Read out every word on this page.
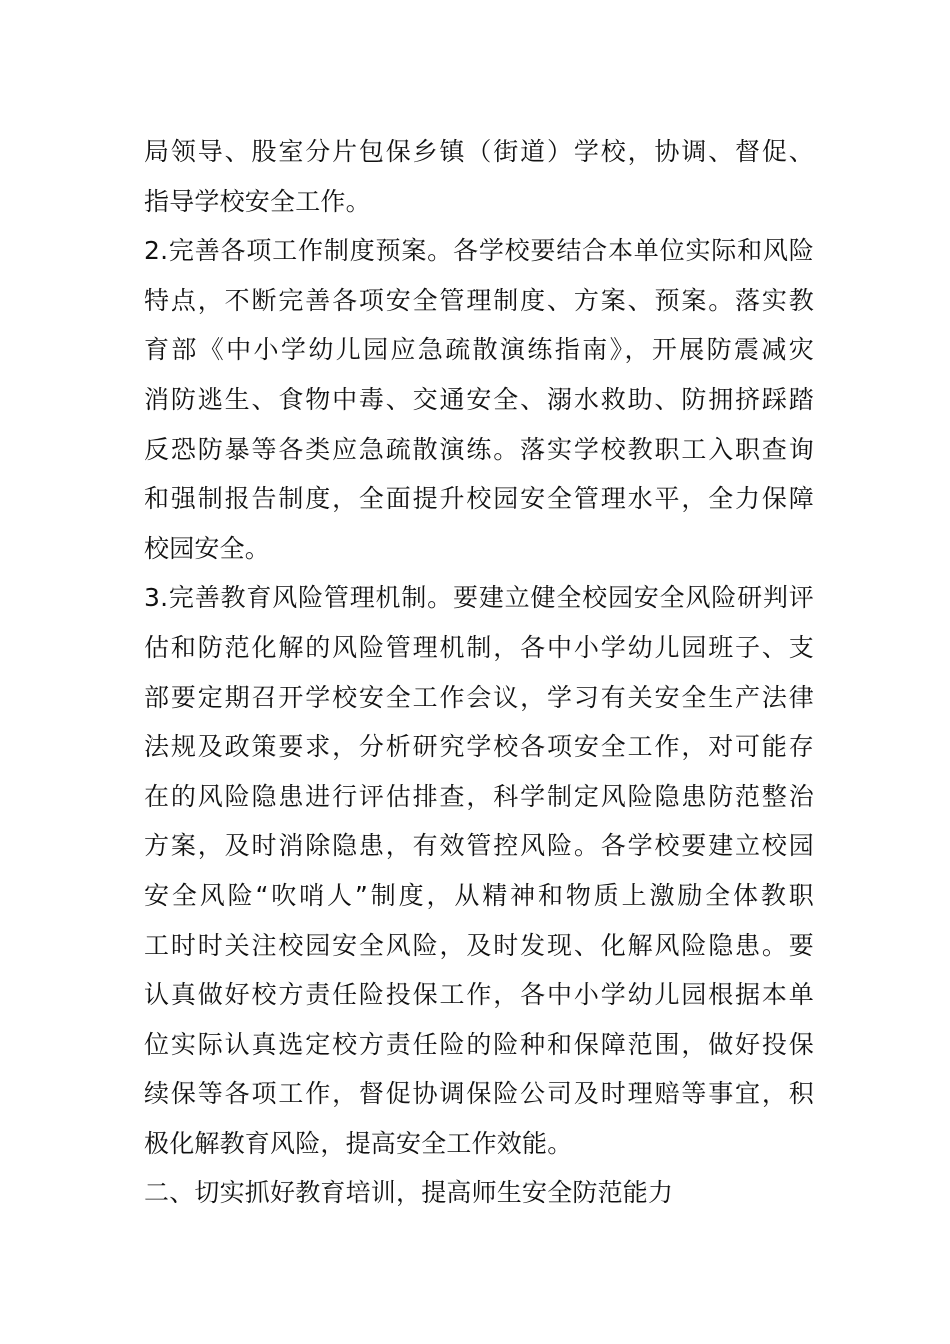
局领导、股室分片包保乡镇（街道）学校，协调、督促、
指导学校安全工作。
2.完善各项工作制度预案。各学校要结合本单位实际和风险
特点，不断完善各项安全管理制度、方案、预案。落实教
育部《中小学幼儿园应急疏散演练指南》，开展防震减灾
消防逃生、食物中毒、交通安全、溺水救助、防拥挤踩踏
反恐防暴等各类应急疏散演练。落实学校教职工入职查询
和强制报告制度，全面提升校园安全管理水平，全力保障
校园安全。
3.完善教育风险管理机制。要建立健全校园安全风险研判评
估和防范化解的风险管理机制，各中小学幼儿园班子、支
部要定期召开学校安全工作会议，学习有关安全生产法律
法规及政策要求，分析研究学校各项安全工作，对可能存
在的风险隐患进行评估排查，科学制定风险隐患防范整治
方案，及时消除隐患，有效管控风险。各学校要建立校园
安全风险“吹哨人”制度，从精神和物质上激励全体教职
工时时关注校园安全风险，及时发现、化解风险隐患。要
认真做好校方责任险投保工作，各中小学幼儿园根据本单
位实际认真选定校方责任险的险种和保障范围，做好投保
续保等各项工作，督促协调保险公司及时理赔等事宜，积
极化解教育风险，提高安全工作效能。
二、切实抓好教育培训，提高师生安全防范能力
